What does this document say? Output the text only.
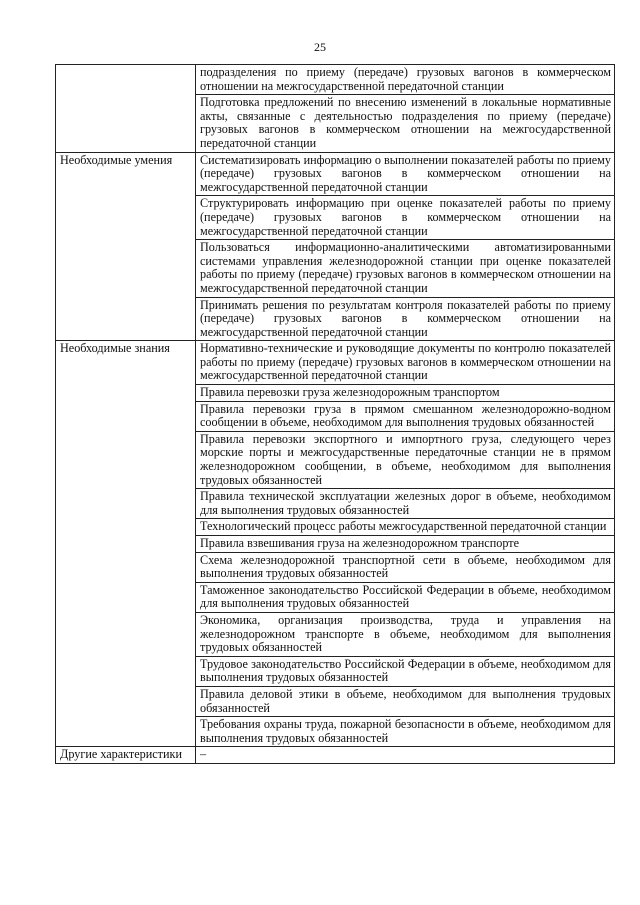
25
	подразделения по приему (передаче) грузовых вагонов в коммерческом отношении на межгосударственной передаточной станции
	Подготовка предложений по внесению изменений в локальные нормативные акты, связанные с деятельностью подразделения по приему (передаче) грузовых вагонов в коммерческом отношении на межгосударственной передаточной станции
Необходимые умения	Систематизировать информацию о выполнении показателей работы по приему (передаче) грузовых вагонов в коммерческом отношении на межгосударственной передаточной станции
	Структурировать информацию при оценке показателей работы по приему (передаче) грузовых вагонов в коммерческом отношении на межгосударственной передаточной станции
	Пользоваться информационно-аналитическими автоматизированными системами управления железнодорожной станции при оценке показателей работы по приему (передаче) грузовых вагонов в коммерческом отношении на межгосударственной передаточной станции
	Принимать решения по результатам контроля показателей работы по приему (передаче) грузовых вагонов в коммерческом отношении на межгосударственной передаточной станции
Необходимые знания	Нормативно-технические и руководящие документы по контролю показателей работы по приему (передаче) грузовых вагонов в коммерческом отношении на межгосударственной передаточной станции
	Правила перевозки груза железнодорожным транспортом
	Правила перевозки груза в прямом смешанном железнодорожно-водном сообщении в объеме, необходимом для выполнения трудовых обязанностей
	Правила перевозки экспортного и импортного груза, следующего через морские порты и межгосударственные передаточные станции не в прямом железнодорожном сообщении, в объеме, необходимом для выполнения трудовых обязанностей
	Правила технической эксплуатации железных дорог в объеме, необходимом для выполнения трудовых обязанностей
	Технологический процесс работы межгосударственной передаточной станции
	Правила взвешивания груза на железнодорожном транспорте
	Схема железнодорожной транспортной сети в объеме, необходимом для выполнения трудовых обязанностей
	Таможенное законодательство Российской Федерации в объеме, необходимом для выполнения трудовых обязанностей
	Экономика, организация производства, труда и управления на железнодорожном транспорте в объеме, необходимом для выполнения трудовых обязанностей
	Трудовое законодательство Российской Федерации в объеме, необходимом для выполнения трудовых обязанностей
	Правила деловой этики в объеме, необходимом для выполнения трудовых обязанностей
	Требования охраны труда, пожарной безопасности в объеме, необходимом для выполнения трудовых обязанностей
Другие характеристики	–
